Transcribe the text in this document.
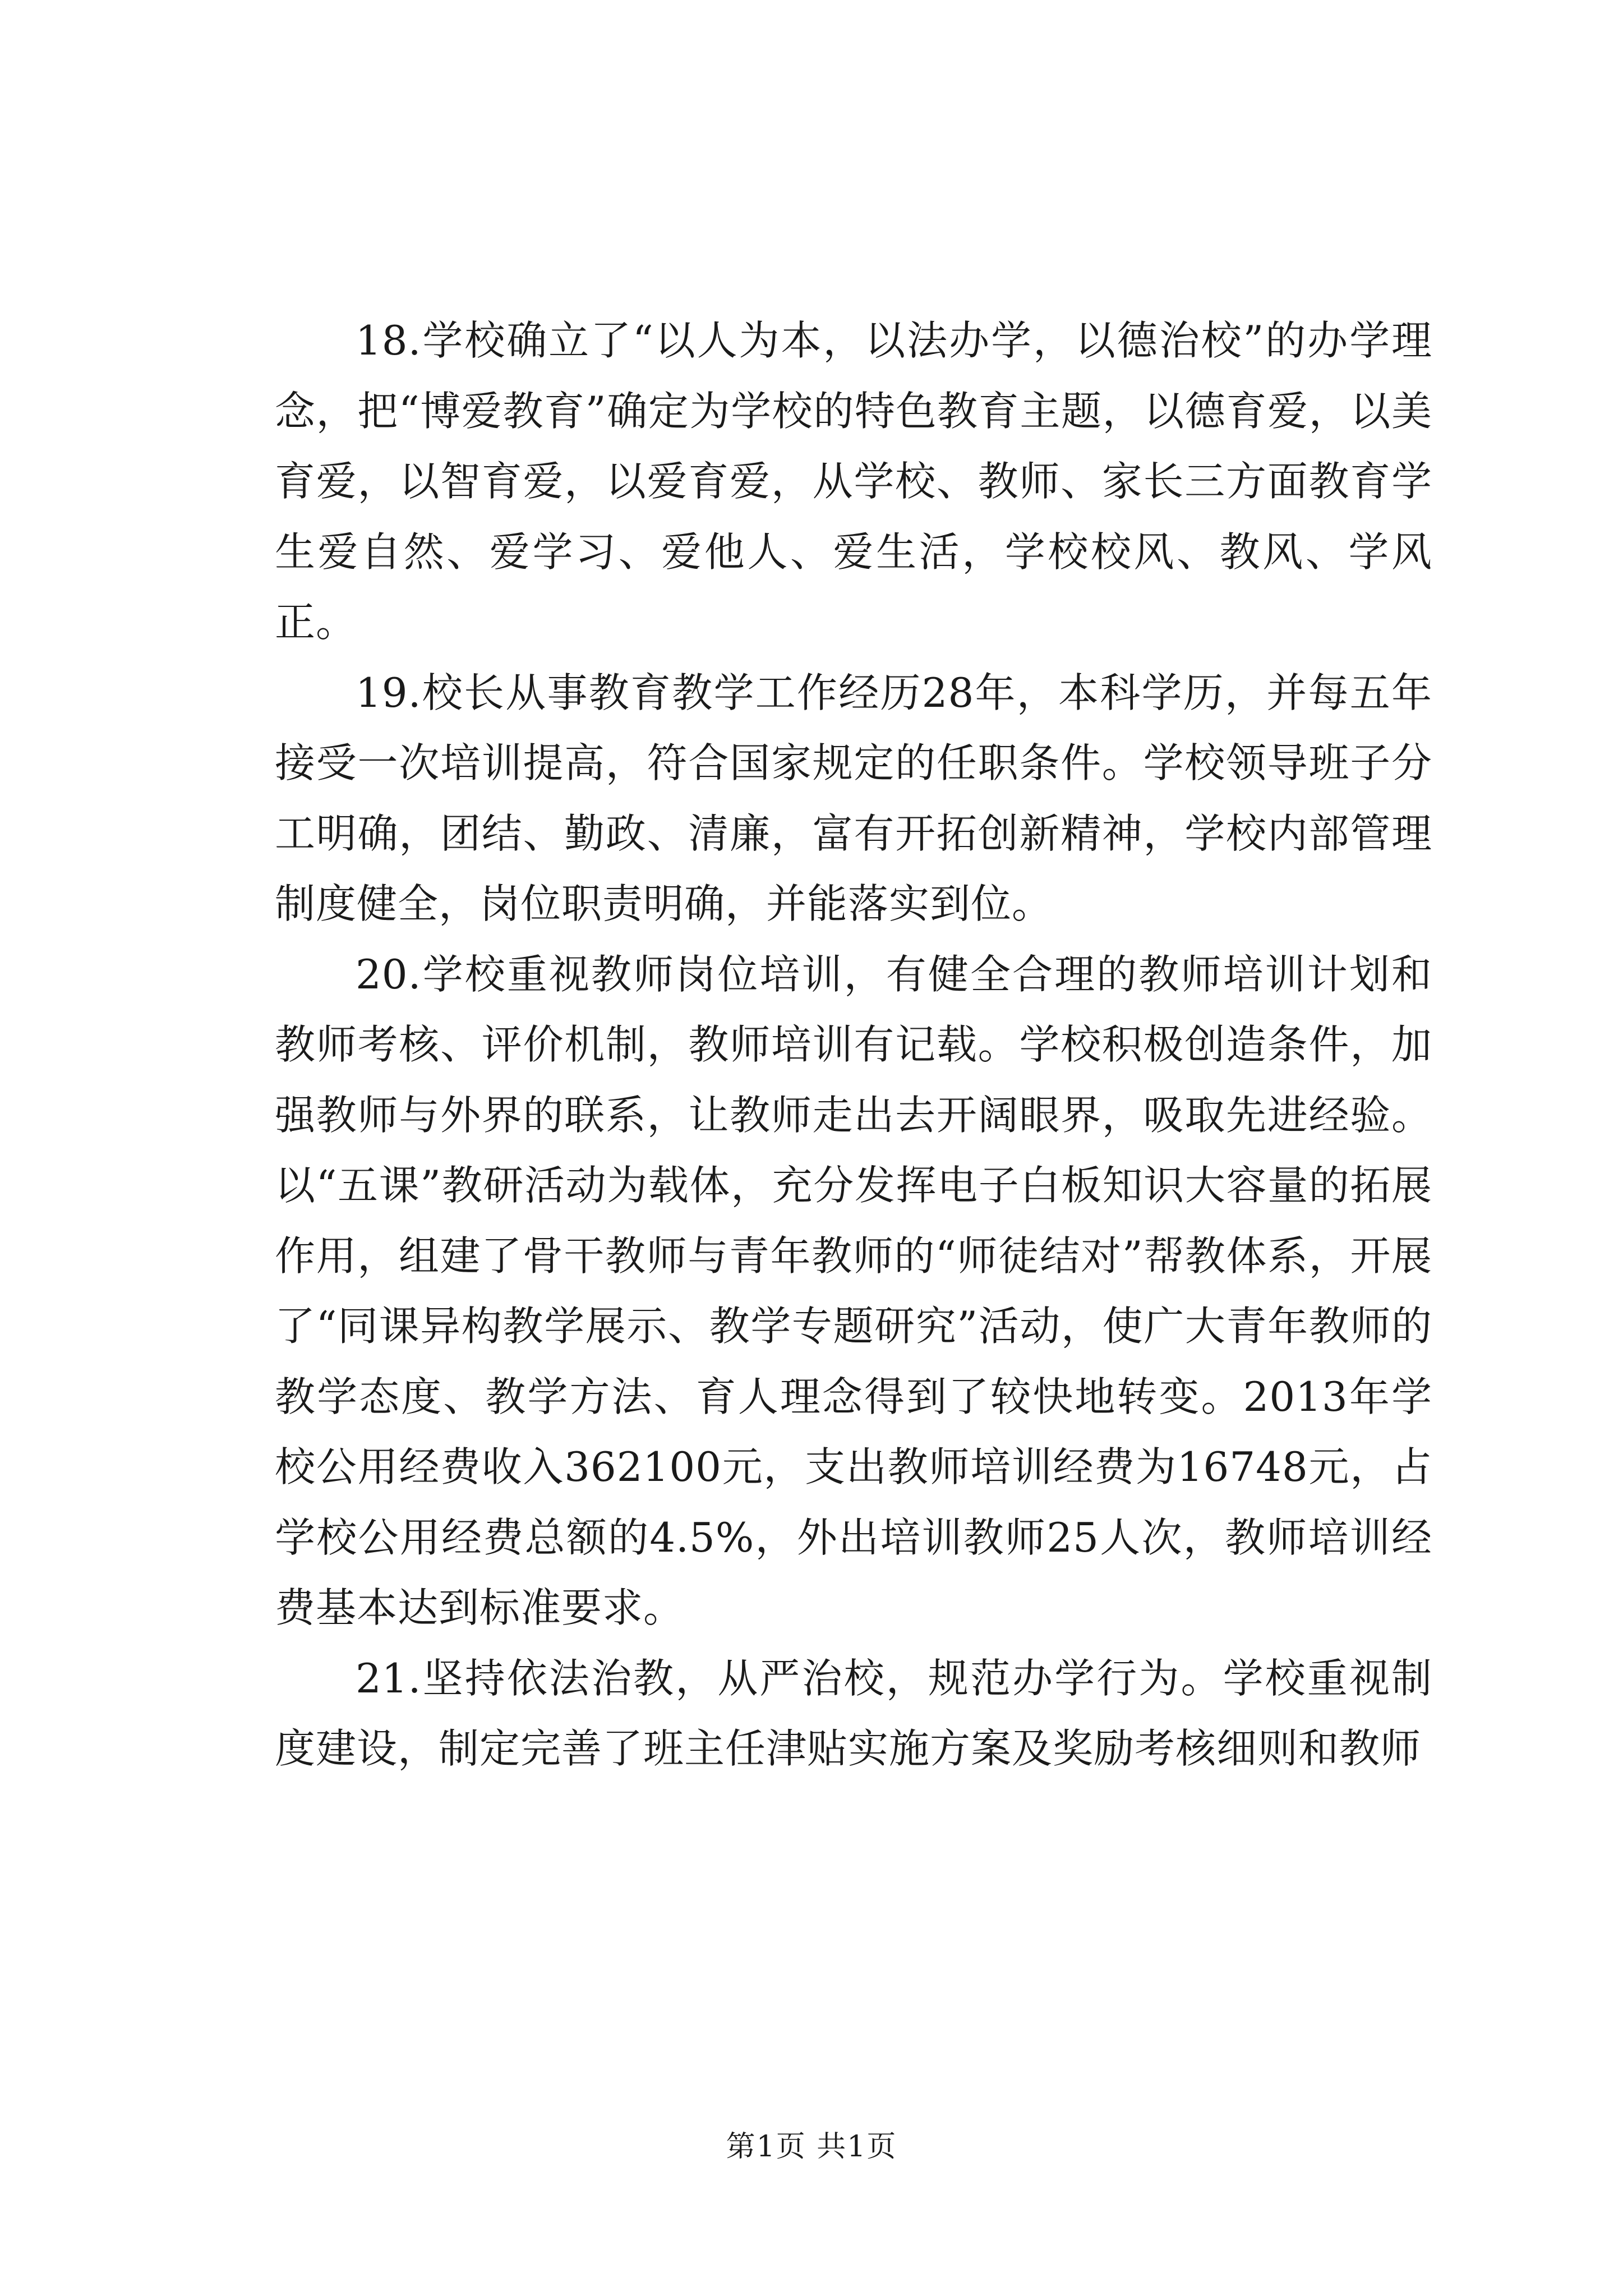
18.学校确立了“以人为本，以法办学，以德治校”的办学理念，把“博爱教育”确定为学校的特色教育主题，以德育爱，以美育爱，以智育爱，以爱育爱，从学校、教师、家长三方面教育学生爱自然、爱学习、爱他人、爱生活，学校校风、教风、学风正。

19.校长从事教育教学工作经历28年，本科学历，并每五年接受一次培训提高，符合国家规定的任职条件。学校领导班子分工明确，团结、勤政、清廉，富有开拓创新精神，学校内部管理制度健全，岗位职责明确，并能落实到位。

20.学校重视教师岗位培训，有健全合理的教师培训计划和教师考核、评价机制，教师培训有记载。学校积极创造条件，加强教师与外界的联系，让教师走出去开阔眼界，吸取先进经验。以“五课”教研活动为载体，充分发挥电子白板知识大容量的拓展作用，组建了骨干教师与青年教师的“师徒结对”帮教体系，开展了“同课异构教学展示、教学专题研究”活动，使广大青年教师的教学态度、教学方法、育人理念得到了较快地转变。2013年学校公用经费收入362100元，支出教师培训经费为16748元，占学校公用经费总额的4.5%，外出培训教师25人次，教师培训经费基本达到标准要求。

21.坚持依法治教，从严治校，规范办学行为。学校重视制度建设，制定完善了班主任津贴实施方案及奖励考核细则和教师

第1页 共1页
